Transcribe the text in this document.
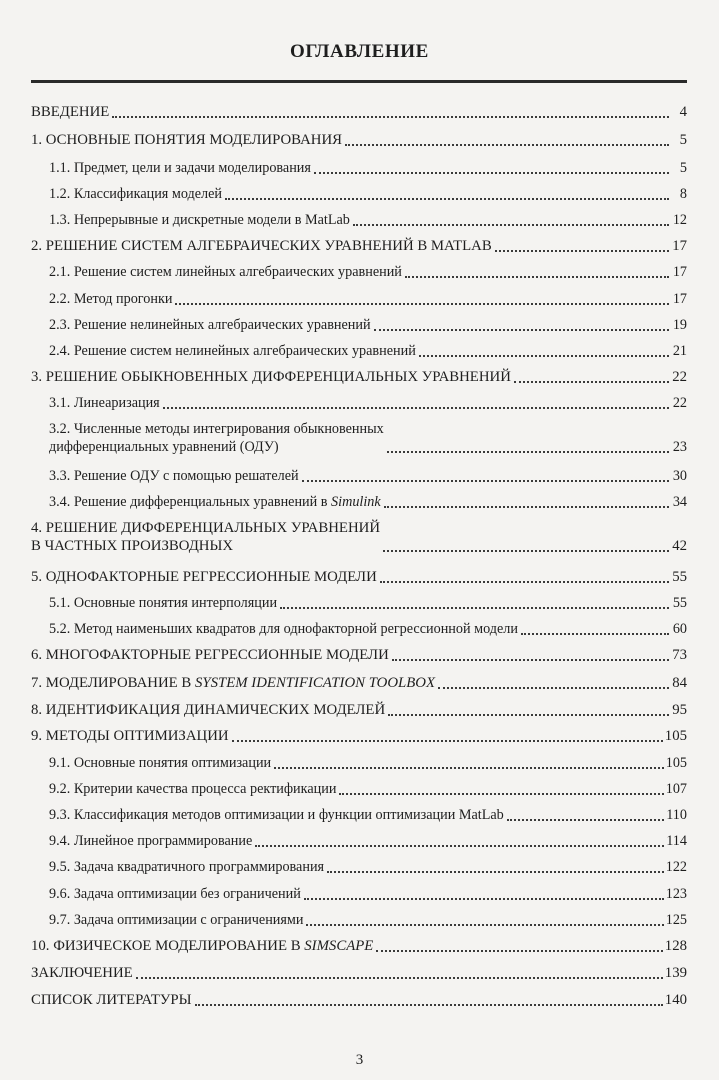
ОГЛАВЛЕНИЕ
ВВЕДЕНИЕ	4
1. ОСНОВНЫЕ ПОНЯТИЯ МОДЕЛИРОВАНИЯ	5
1.1. Предмет, цели и задачи моделирования	5
1.2. Классификация моделей	8
1.3. Непрерывные и дискретные модели в MatLab	12
2. РЕШЕНИЕ СИСТЕМ АЛГЕБРАИЧЕСКИХ УРАВНЕНИЙ В MATLAB	17
2.1. Решение систем линейных алгебраических уравнений	17
2.2. Метод прогонки	17
2.3. Решение нелинейных алгебраических уравнений	19
2.4. Решение систем нелинейных алгебраических уравнений	21
3. РЕШЕНИЕ ОБЫКНОВЕННЫХ ДИФФЕРЕНЦИАЛЬНЫХ УРАВНЕНИЙ	22
3.1. Линеаризация	22
3.2. Численные методы интегрирования обыкновенных
дифференциальных уравнений (ОДУ)	23
3.3. Решение ОДУ с помощью решателей	30
3.4. Решение дифференциальных уравнений в Simulink	34
4. РЕШЕНИЕ ДИФФЕРЕНЦИАЛЬНЫХ УРАВНЕНИЙ
В ЧАСТНЫХ ПРОИЗВОДНЫХ	42
5. ОДНОФАКТОРНЫЕ РЕГРЕССИОННЫЕ МОДЕЛИ	55
5.1. Основные понятия интерполяции	55
5.2. Метод наименьших квадратов для однофакторной регрессионной модели	60
6. МНОГОФАКТОРНЫЕ РЕГРЕССИОННЫЕ МОДЕЛИ	73
7. МОДЕЛИРОВАНИЕ В SYSTEM IDENTIFICATION TOOLBOX	84
8. ИДЕНТИФИКАЦИЯ ДИНАМИЧЕСКИХ МОДЕЛЕЙ	95
9. МЕТОДЫ ОПТИМИЗАЦИИ	105
9.1. Основные понятия оптимизации	105
9.2. Критерии качества процесса ректификации	107
9.3. Классификация методов оптимизации и функции оптимизации MatLab	110
9.4. Линейное программирование	114
9.5. Задача квадратичного программирования	122
9.6. Задача оптимизации без ограничений	123
9.7. Задача оптимизации с ограничениями	125
10. ФИЗИЧЕСКОЕ МОДЕЛИРОВАНИЕ В SIMSCAPE	128
ЗАКЛЮЧЕНИЕ	139
СПИСОК ЛИТЕРАТУРЫ	140
3
